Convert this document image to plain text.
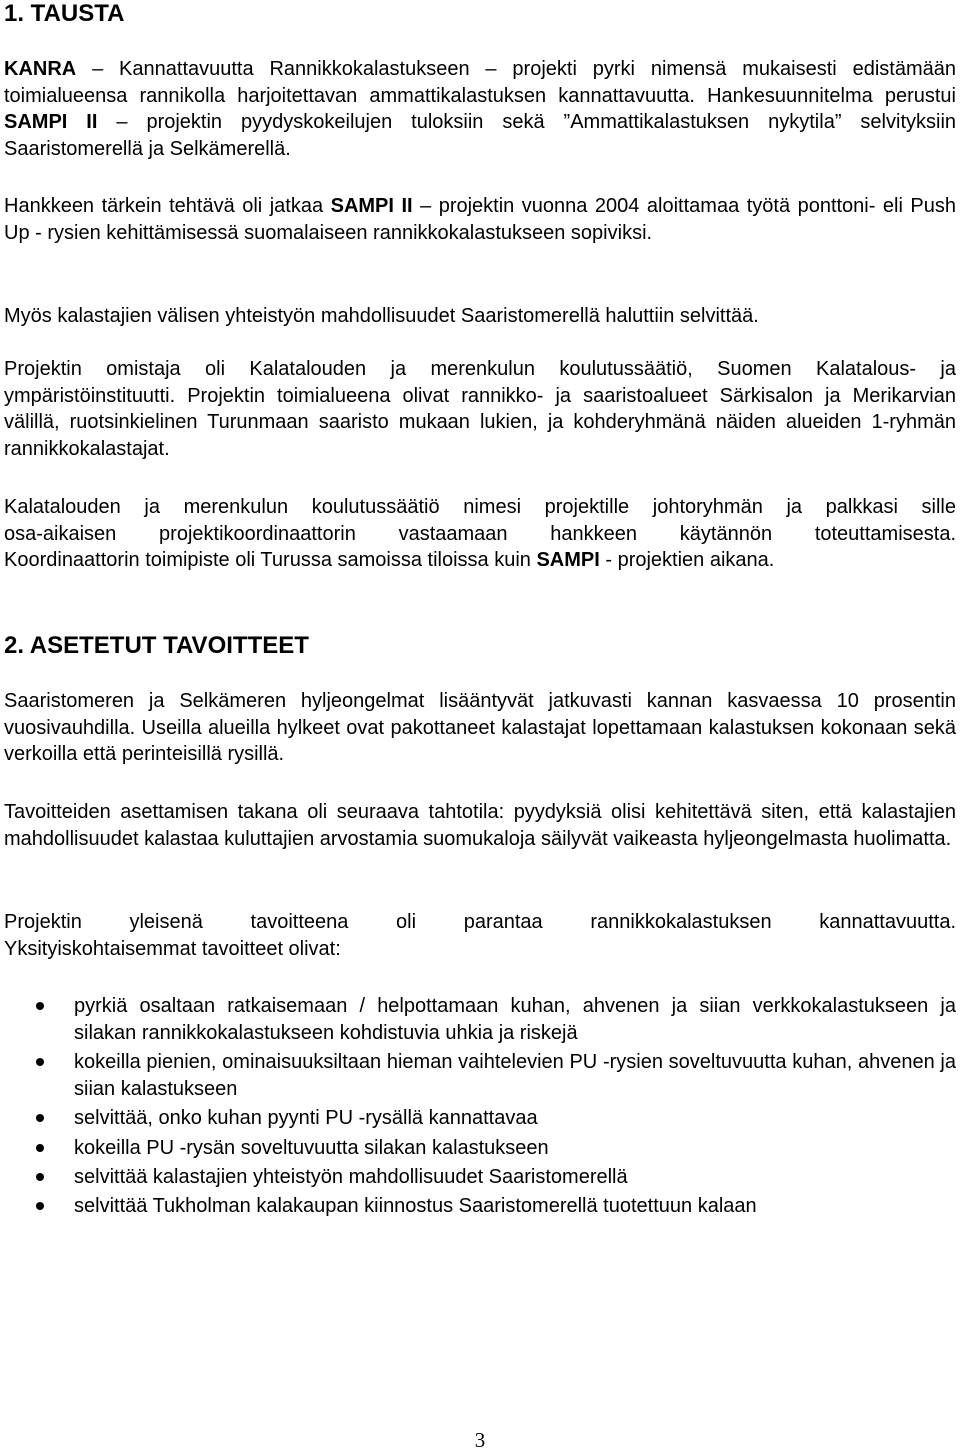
1. TAUSTA

KANRA – Kannattavuutta Rannikkokalastukseen – projekti pyrki nimensä mukaisesti edistämään toimialueensa rannikolla harjoitettavan ammattikalastuksen kannattavuutta. Hankesuunnitelma perustui SAMPI II – projektin pyydyskokeilujen tuloksiin sekä ”Ammattikalastuksen nykytila” selvityksiin Saaristomerellä ja Selkämerellä.

Hankkeen tärkein tehtävä oli jatkaa SAMPI II – projektin vuonna 2004 aloittamaa työtä ponttoni- eli Push Up - rysien kehittämisessä suomalaiseen rannikkokalastukseen sopiviksi.

Myös kalastajien välisen yhteistyön mahdollisuudet Saaristomerellä haluttiin selvittää.

Projektin omistaja oli Kalatalouden ja merenkulun koulutussäätiö, Suomen Kalatalous- ja ympäristöinstituutti. Projektin toimialueena olivat rannikko- ja saaristoalueet Särkisalon ja Merikarvian välillä, ruotsinkielinen Turunmaan saaristo mukaan lukien, ja kohderyhmänä näiden alueiden 1-ryhmän rannikkokalastajat.

Kalatalouden ja merenkulun koulutussäätiö nimesi projektille johtoryhmän ja palkkasi sille
osa-aikaisen projektikoordinaattorin vastaamaan hankkeen käytännön toteuttamisesta.
Koordinaattorin toimipiste oli Turussa samoissa tiloissa kuin SAMPI - projektien aikana.
2. ASETETUT TAVOITTEET

Saaristomeren ja Selkämeren hyljeongelmat lisääntyvät jatkuvasti kannan kasvaessa 10 prosentin vuosivauhdilla. Useilla alueilla hylkeet ovat pakottaneet kalastajat lopettamaan kalastuksen kokonaan sekä verkoilla että perinteisillä rysillä.

Tavoitteiden asettamisen takana oli seuraava tahtotila: pyydyksiä olisi kehitettävä siten, että kalastajien mahdollisuudet kalastaa kuluttajien arvostamia suomukaloja säilyvät vaikeasta hyljeongelmasta huolimatta.

Projektin yleisenä tavoitteena oli parantaa rannikkokalastuksen kannattavuutta.
Yksityiskohtaisemmat tavoitteet olivat:
pyrkiä osaltaan ratkaisemaan / helpottamaan kuhan, ahvenen ja siian verkkokalastukseen ja silakan rannikkokalastukseen kohdistuvia uhkia ja riskejä
kokeilla pienien, ominaisuuksiltaan hieman vaihtelevien PU -rysien soveltuvuutta kuhan, ahvenen ja siian kalastukseen
selvittää, onko kuhan pyynti PU -rysällä kannattavaa
kokeilla PU -rysän soveltuvuutta silakan kalastukseen
selvittää kalastajien yhteistyön mahdollisuudet Saaristomerellä
selvittää Tukholman kalakaupan kiinnostus Saaristomerellä tuotettuun kalaan
3
